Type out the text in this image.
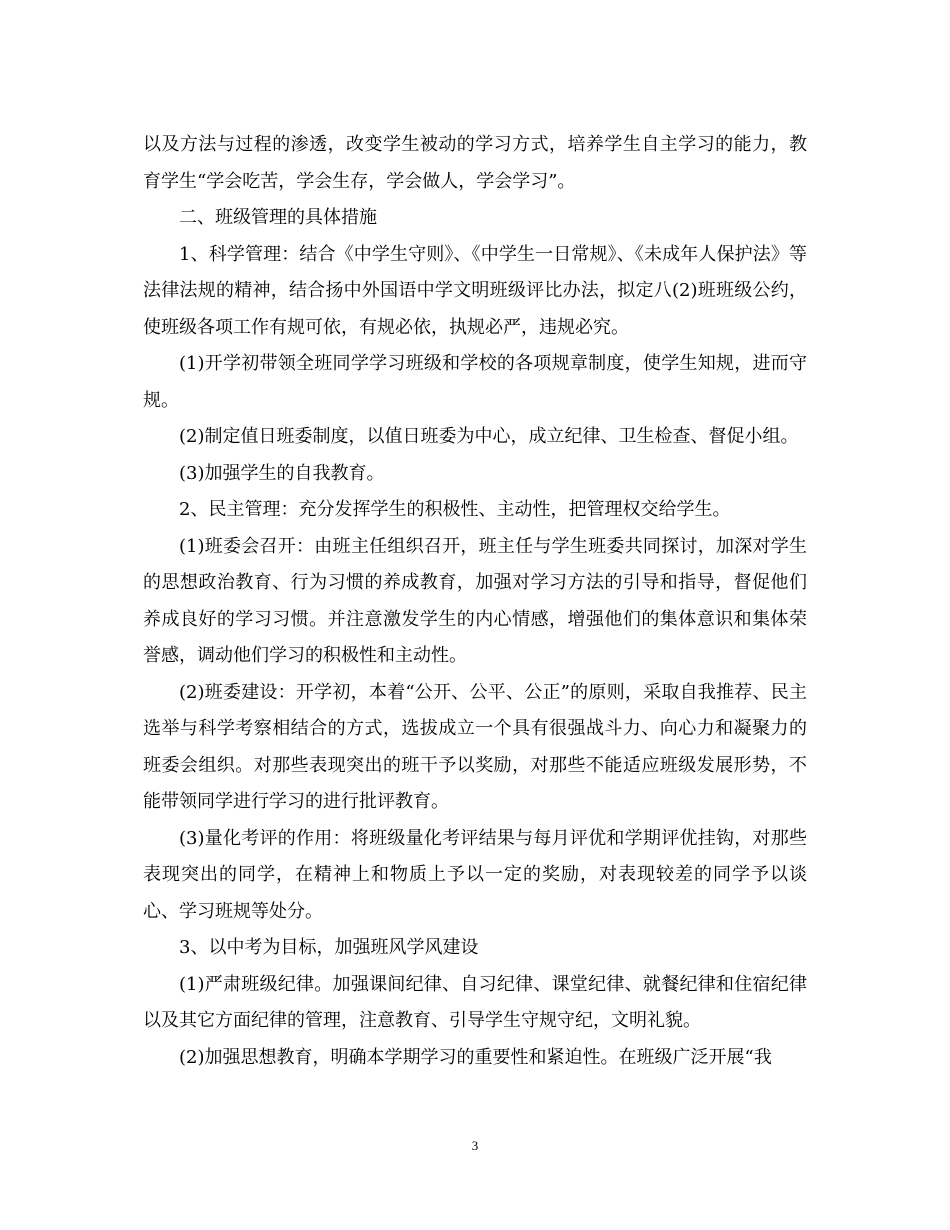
以及方法与过程的渗透，改变学生被动的学习方式，培养学生自主学习的能力，教育学生“学会吃苦，学会生存，学会做人，学会学习”。

二、班级管理的具体措施

1、科学管理：结合《中学生守则》、《中学生一日常规》、《未成年人保护法》等法律法规的精神，结合扬中外国语中学文明班级评比办法，拟定八(2)班班级公约，使班级各项工作有规可依，有规必依，执规必严，违规必究。

(1)开学初带领全班同学学习班级和学校的各项规章制度，使学生知规，进而守规。

(2)制定值日班委制度，以值日班委为中心，成立纪律、卫生检查、督促小组。

(3)加强学生的自我教育。

2、民主管理：充分发挥学生的积极性、主动性，把管理权交给学生。

(1)班委会召开：由班主任组织召开，班主任与学生班委共同探讨，加深对学生的思想政治教育、行为习惯的养成教育，加强对学习方法的引导和指导，督促他们养成良好的学习习惯。并注意激发学生的内心情感，增强他们的集体意识和集体荣誉感，调动他们学习的积极性和主动性。

(2)班委建设：开学初，本着“公开、公平、公正”的原则，采取自我推荐、民主选举与科学考察相结合的方式，选拔成立一个具有很强战斗力、向心力和凝聚力的班委会组织。对那些表现突出的班干予以奖励，对那些不能适应班级发展形势，不能带领同学进行学习的进行批评教育。

(3)量化考评的作用：将班级量化考评结果与每月评优和学期评优挂钩，对那些表现突出的同学，在精神上和物质上予以一定的奖励，对表现较差的同学予以谈心、学习班规等处分。

3、以中考为目标，加强班风学风建设

(1)严肃班级纪律。加强课间纪律、自习纪律、课堂纪律、就餐纪律和住宿纪律以及其它方面纪律的管理，注意教育、引导学生守规守纪，文明礼貌。

(2)加强思想教育，明确本学期学习的重要性和紧迫性。在班级广泛开展“我

3
